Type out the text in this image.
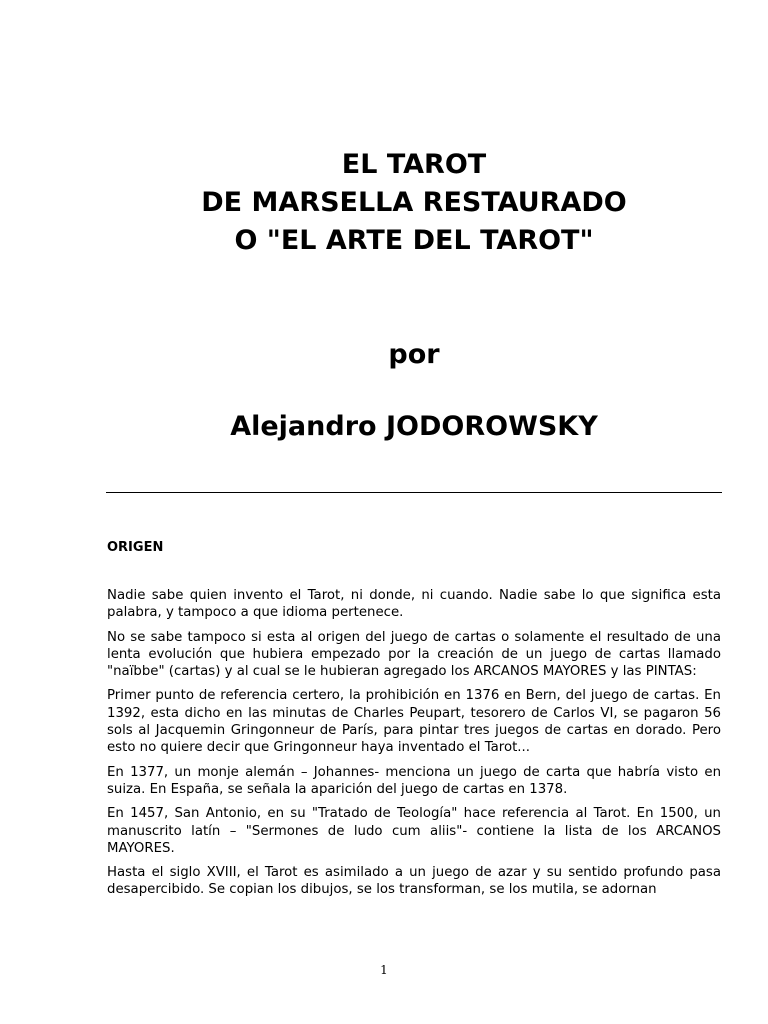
EL TAROT
DE MARSELLA RESTAURADO
O "EL ARTE DEL TAROT"
por
Alejandro JODOROWSKY
ORIGEN

Nadie sabe quien invento el Tarot, ni donde, ni cuando. Nadie sabe lo que significa esta palabra, y tampoco a que idioma pertenece.

No se sabe tampoco si esta al origen del juego de cartas o solamente el resultado de una lenta evolución que hubiera empezado por la creación de un juego de cartas llamado "naïbbe" (cartas) y al cual se le hubieran agregado los ARCANOS MAYORES y las PINTAS:

Primer punto de referencia certero, la prohibición en 1376 en Bern, del juego de cartas. En 1392, esta dicho en las minutas de Charles Peupart, tesorero de Carlos VI, se pagaron 56 sols al Jacquemin Gringonneur de París, para pintar tres juegos de cartas en dorado. Pero esto no quiere decir que Gringonneur haya inventado el Tarot...

En 1377, un monje alemán – Johannes- menciona un juego de carta que habría visto en suiza. En España, se señala la aparición del juego de cartas en 1378.

En 1457, San Antonio, en su "Tratado de Teología" hace referencia al Tarot. En 1500, un manuscrito latín – "Sermones de ludo cum aliis"- contiene la lista de los ARCANOS MAYORES.

Hasta el siglo XVIII, el Tarot es asimilado a un juego de azar y su sentido profundo pasa desapercibido. Se copian los dibujos, se los transforman, se los mutila, se adornan

1
